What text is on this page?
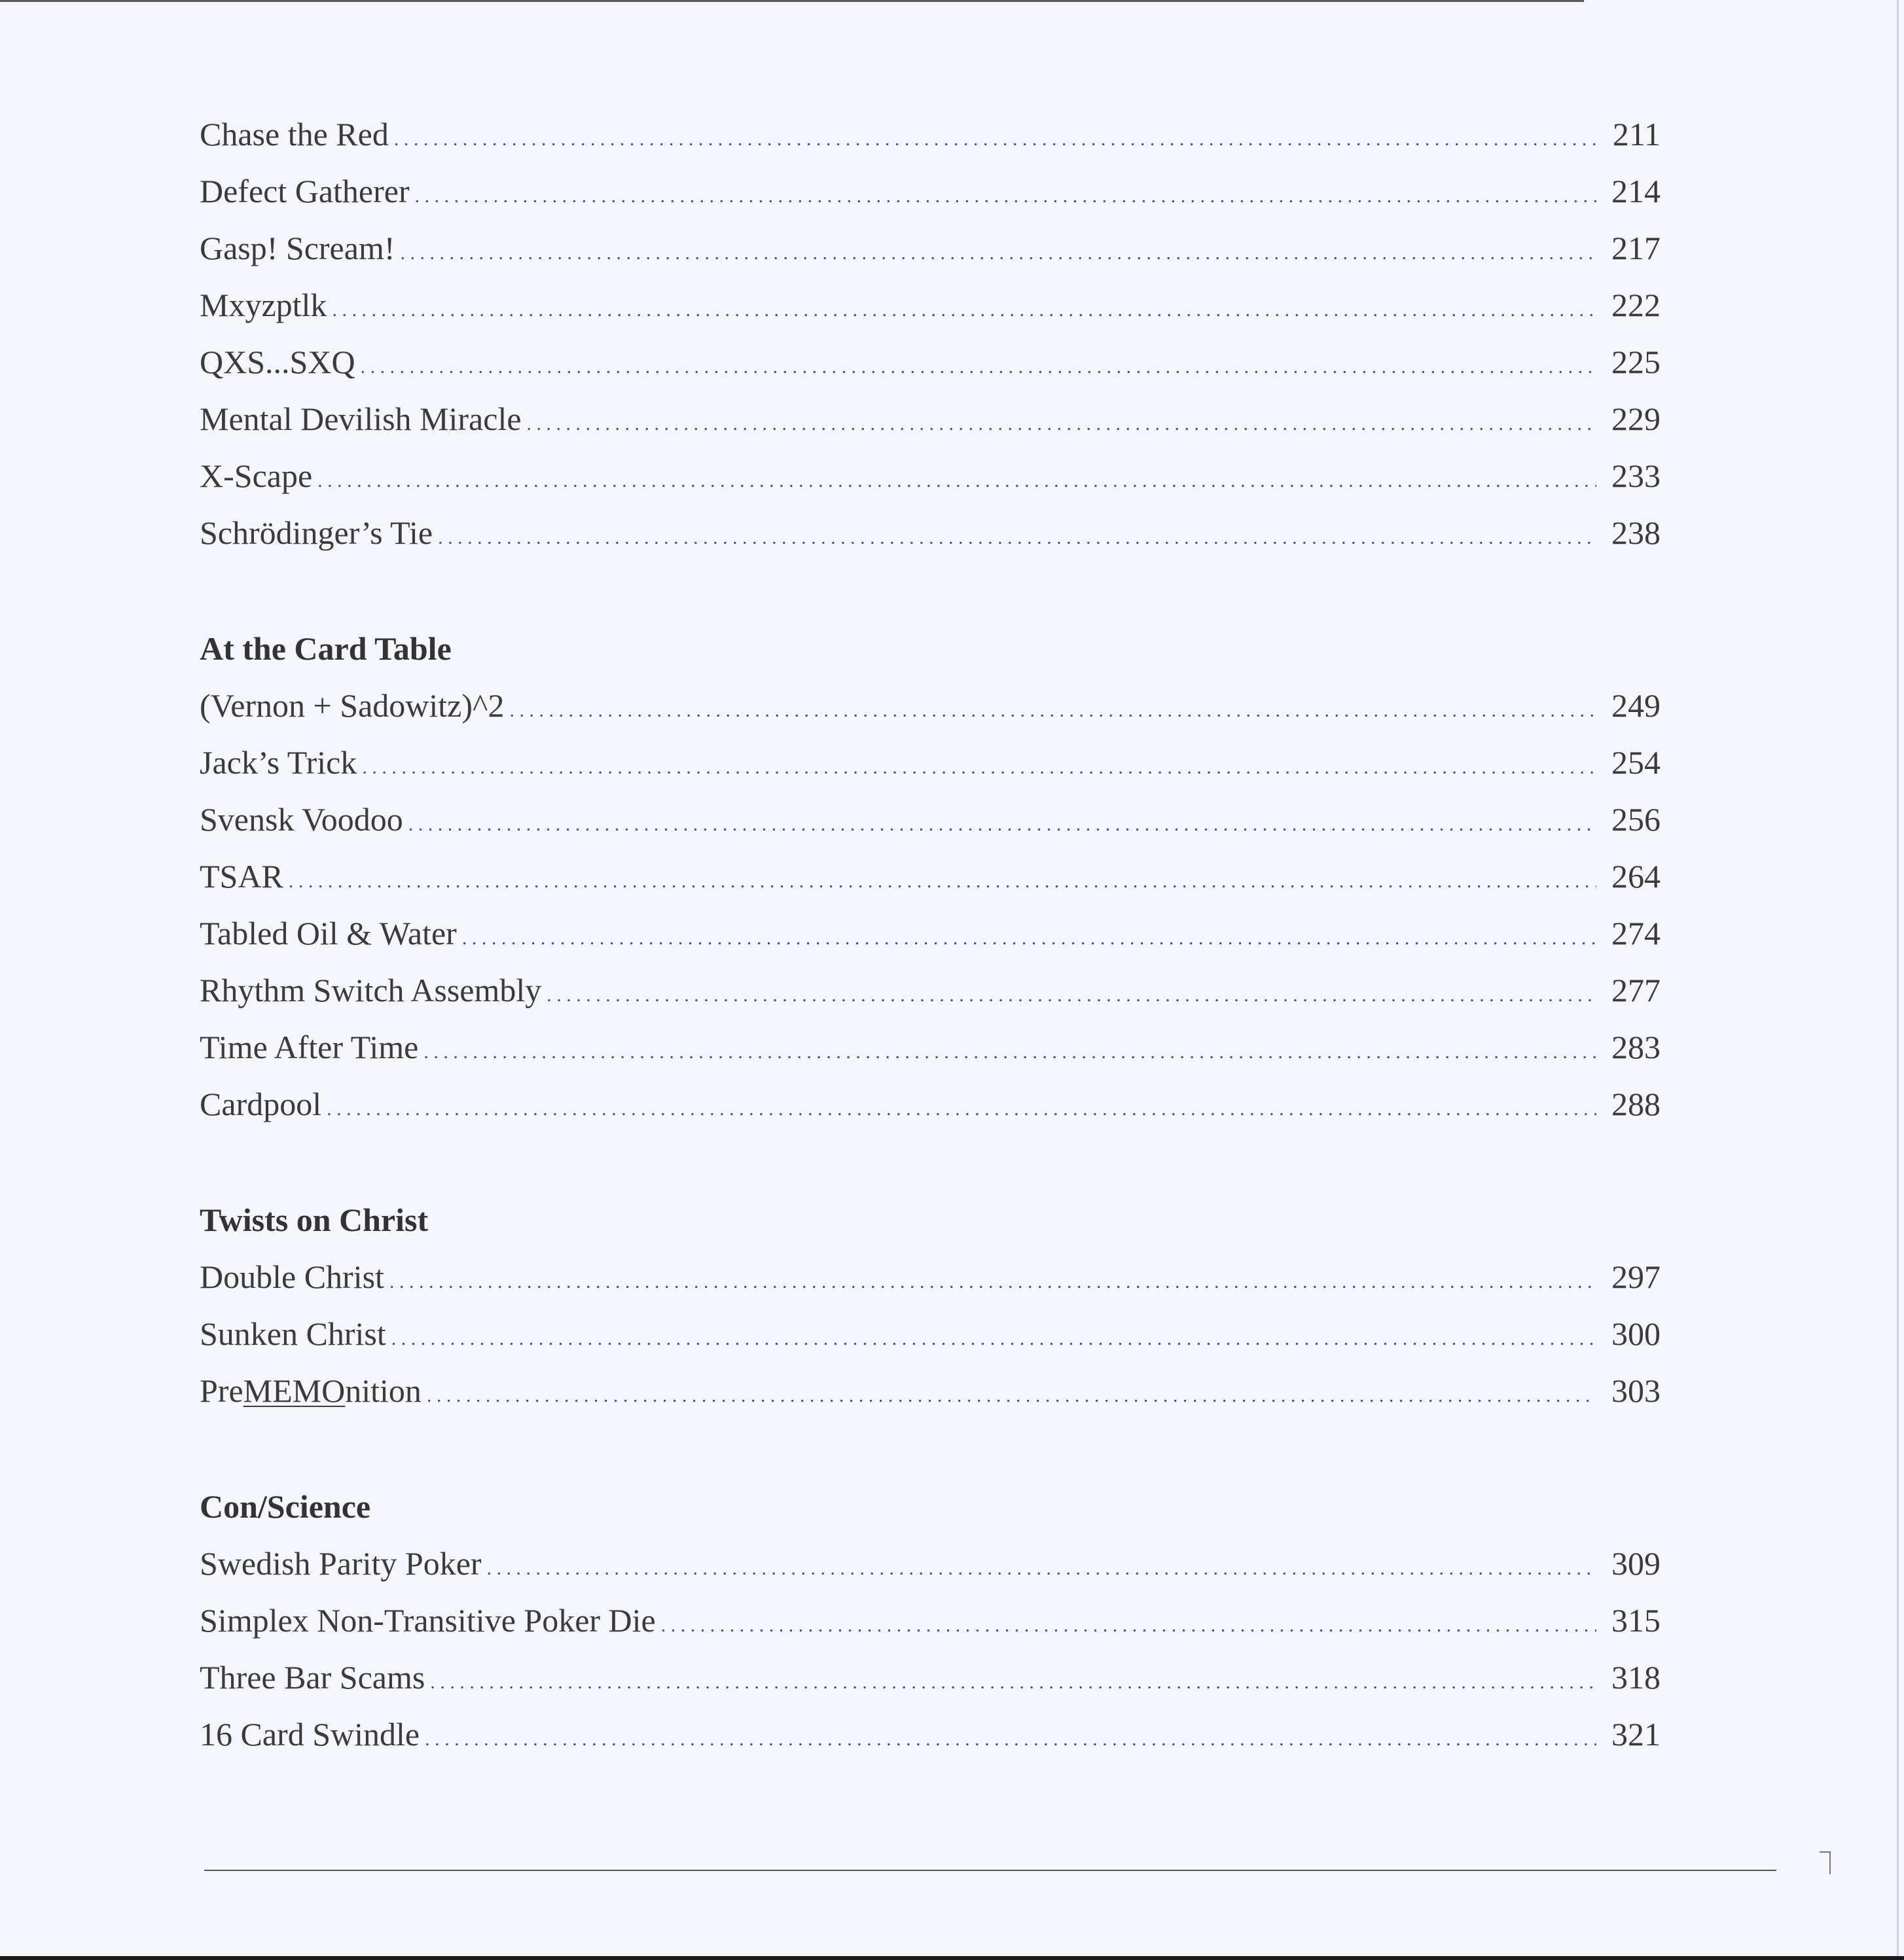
Chase the Red . . .	211
Defect Gatherer . . .	214
Gasp! Scream! . . .	217
Mxyzptlk . . .	222
QXS...SXQ . . .	225
Mental Devilish Miracle . . .	229
X-Scape . . .	233
Schrödinger’s Tie . . .	238
At the Card Table
(Vernon + Sadowitz)^2 . . .	249
Jack’s Trick . . .	254
Svensk Voodoo . . .	256
TSAR . . .	264
Tabled Oil & Water . . .	274
Rhythm Switch Assembly . . .	277
Time After Time . . .	283
Cardpool . . .	288
Twists on Christ
Double Christ . . .	297
Sunken Christ . . .	300
PreMEMOnition . . .	303
Con/Science
Swedish Parity Poker . . .	309
Simplex Non-Transitive Poker Die . . .	315
Three Bar Scams . . .	318
16 Card Swindle . . .	321
